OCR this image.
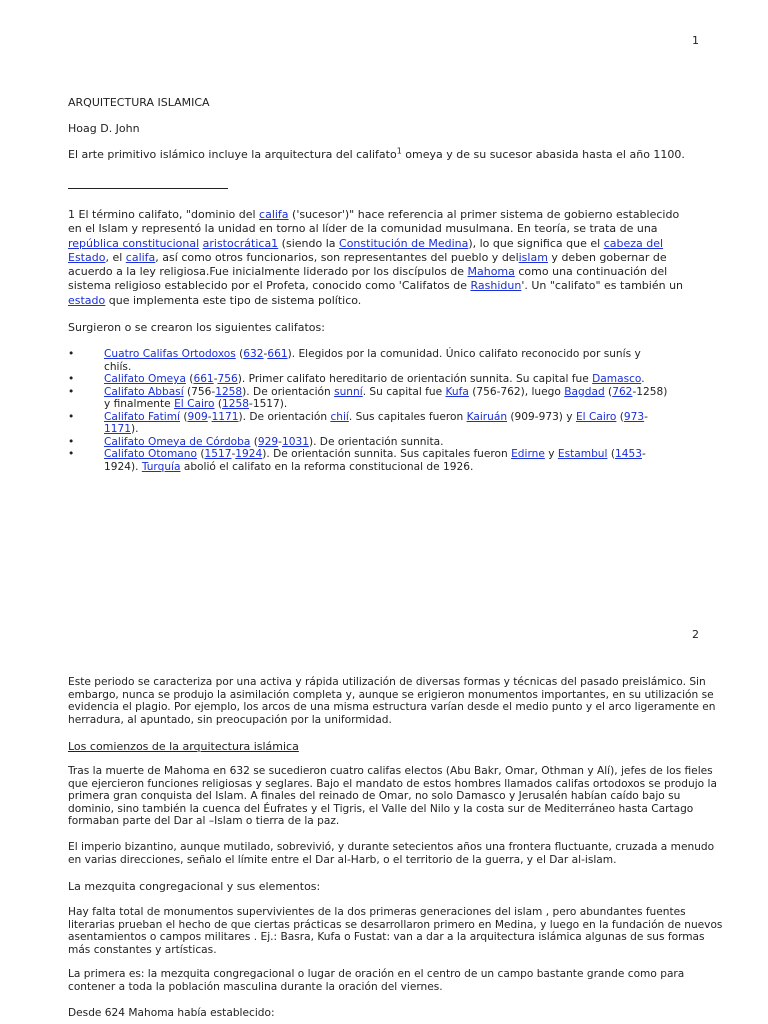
1
ARQUITECTURA ISLAMICA
Hoag D. John
El arte primitivo islámico incluye la arquitectura del califato$^1$ omeya y de su sucesor abasida hasta el año 1100.
1 El término califato, "dominio del califa ('sucesor')" hace referencia al primer sistema de gobierno establecido en el Islam y representó la unidad en torno al líder de la comunidad musulmana. En teoría, se trata de una república constitucional aristocrática1 (siendo la Constitución de Medina), lo que significa que el cabeza del Estado, el califa, así como otros funcionarios, son representantes del pueblo y delislam y deben gobernar de acuerdo a la ley religiosa.Fue inicialmente liderado por los discípulos de Mahoma como una continuación del sistema religioso establecido por el Profeta, conocido como 'Califatos de Rashidun'. Un "califato" es también un estado que implementa este tipo de sistema político.
Surgieron o se crearon los siguientes califatos:
•	Cuatro Califas Ortodoxos (632-661). Elegidos por la comunidad. Único califato reconocido por sunís y chiís.
•	Califato Omeya (661-756). Primer califato hereditario de orientación sunnita. Su capital fue Damasco.
•	Califato Abbasí (756-1258). De orientación sunní. Su capital fue Kufa (756-762), luego Bagdad (762-1258) y finalmente El Cairo (1258-1517).
•	Califato Fatimí (909-1171). De orientación chií. Sus capitales fueron Kairuán (909-973) y El Cairo (973-1171).
•	Califato Omeya de Córdoba (929-1031). De orientación sunnita.
•	Califato Otomano (1517-1924). De orientación sunnita. Sus capitales fueron Edirne y Estambul (1453-1924). Turquía abolió el califato en la reforma constitucional de 1926.
2
Este periodo se caracteriza por una activa y rápida utilización de diversas formas y técnicas del pasado preislámico. Sin embargo, nunca se produjo la asimilación completa y, aunque se erigieron monumentos importantes, en su utilización se evidencia el plagio. Por ejemplo, los arcos de una misma estructura varían desde el medio punto y el arco ligeramente en herradura, al apuntado, sin preocupación por la uniformidad.
Los comienzos de la arquitectura islámica
Tras la muerte de Mahoma en 632 se sucedieron cuatro califas electos (Abu Bakr, Omar, Othman y Alí), jefes de los fieles que ejercieron funciones religiosas y seglares. Bajo el mandato de estos hombres llamados califas ortodoxos se produjo la primera gran conquista del Islam. A finales del reinado de Omar, no solo Damasco y Jerusalén habían caído bajo su dominio, sino también la cuenca del Éufrates y el Tigris, el Valle del Nilo y la costa sur de Mediterráneo hasta Cartago formaban parte del Dar al –Islam o tierra de la paz.
El imperio bizantino, aunque mutilado, sobrevivió, y durante setecientos años una frontera fluctuante, cruzada a menudo en varias direcciones, señalo el límite entre el Dar al-Harb, o el territorio de la guerra, y el Dar al-islam.
La mezquita congregacional y sus elementos:
Hay falta total de monumentos supervivientes de la dos primeras generaciones del islam , pero abundantes fuentes literarias prueban el hecho de que ciertas prácticas se desarrollaron primero en Medina, y luego en la fundación de nuevos asentamientos o campos militares . Ej.: Basra, Kufa o Fustat: van a dar a la arquitectura islámica algunas de sus formas más constantes y artísticas.
La primera es: la mezquita congregacional o lugar de oración en el centro de un campo bastante grande como para contener a toda la población masculina durante la oración del viernes.
Desde 624 Mahoma había establecido:
